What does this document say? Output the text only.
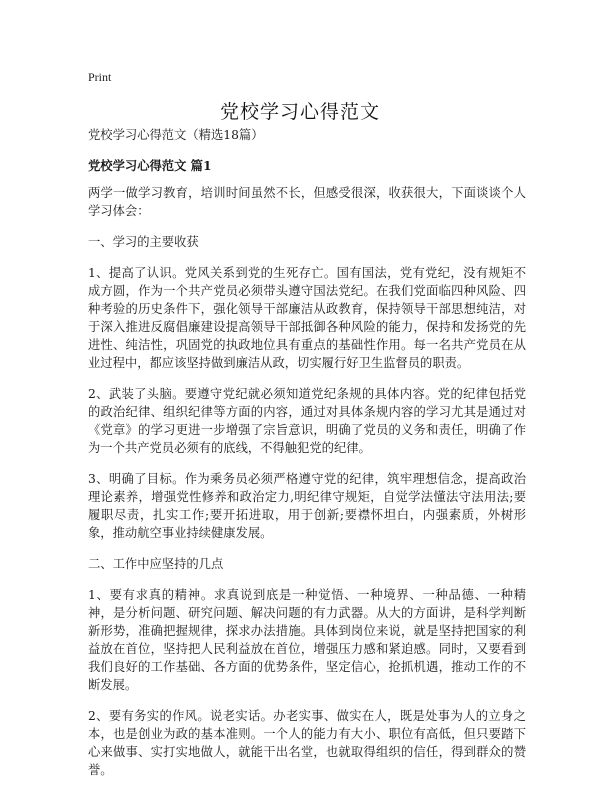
Print
党校学习心得范文

党校学习心得范文（精选18篇）

党校学习心得范文 篇1

两学一做学习教育，培训时间虽然不长，但感受很深，收获很大，下面谈谈个人学习体会：

一、学习的主要收获

1、提高了认识。党风关系到党的生死存亡。国有国法，党有党纪，没有规矩不成方圆，作为一个共产党员必须带头遵守国法党纪。在我们党面临四种风险、四种考验的历史条件下，强化领导干部廉洁从政教育，保持领导干部思想纯洁，对于深入推进反腐倡廉建设提高领导干部抵御各种风险的能力，保持和发扬党的先进性、纯洁性，巩固党的执政地位具有重点的基础性作用。每一名共产党员在从业过程中，都应该坚持做到廉洁从政，切实履行好卫生监督员的职责。

2、武装了头脑。要遵守党纪就必须知道党纪条规的具体内容。党的纪律包括党的政治纪律、组织纪律等方面的内容，通过对具体条规内容的学习尤其是通过对《党章》的学习更进一步增强了宗旨意识，明确了党员的义务和责任，明确了作为一个共产党员必须有的底线，不得触犯党的纪律。

3、明确了目标。作为乘务员必须严格遵守党的纪律，筑牢理想信念，提高政治理论素养，增强党性修养和政治定力,明纪律守规矩，自觉学法懂法守法用法;要履职尽责，扎实工作;要开拓进取，用于创新;要襟怀坦白，内强素质，外树形象，推动航空事业持续健康发展。

二、工作中应坚持的几点

1、要有求真的精神。求真说到底是一种觉悟、一种境界、一种品德、一种精神，是分析问题、研究问题、解决问题的有力武器。从大的方面讲，是科学判断新形势，准确把握规律，探求办法措施。具体到岗位来说，就是坚持把国家的利益放在首位，坚持把人民利益放在首位，增强压力感和紧迫感。同时，又要看到我们良好的工作基础、各方面的优势条件，坚定信心，抢抓机遇，推动工作的不断发展。

2、要有务实的作风。说老实话。办老实事、做实在人，既是处事为人的立身之本，也是创业为政的基本准则。一个人的能力有大小、职位有高低，但只要踏下心来做事、实打实地做人，就能干出名堂，也就取得组织的信任，得到群众的赞誉。
